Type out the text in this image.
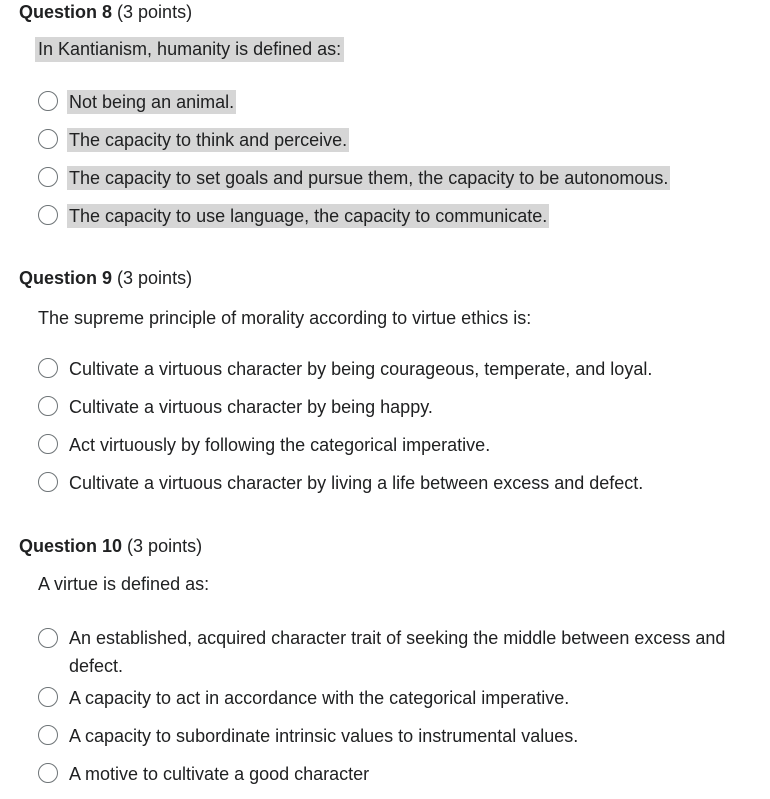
Question 8 (3 points)
In Kantianism, humanity is defined as:
Not being an animal.
The capacity to think and perceive.
The capacity to set goals and pursue them, the capacity to be autonomous.
The capacity to use language, the capacity to communicate.
Question 9 (3 points)
The supreme principle of morality according to virtue ethics is:
Cultivate a virtuous character by being courageous, temperate, and loyal.
Cultivate a virtuous character by being happy.
Act virtuously by following the categorical imperative.
Cultivate a virtuous character by living a life between excess and defect.
Question 10 (3 points)
A virtue is defined as:
An established, acquired character trait of seeking the middle between excess and defect.
A capacity to act in accordance with the categorical imperative.
A capacity to subordinate intrinsic values to instrumental values.
A motive to cultivate a good character
